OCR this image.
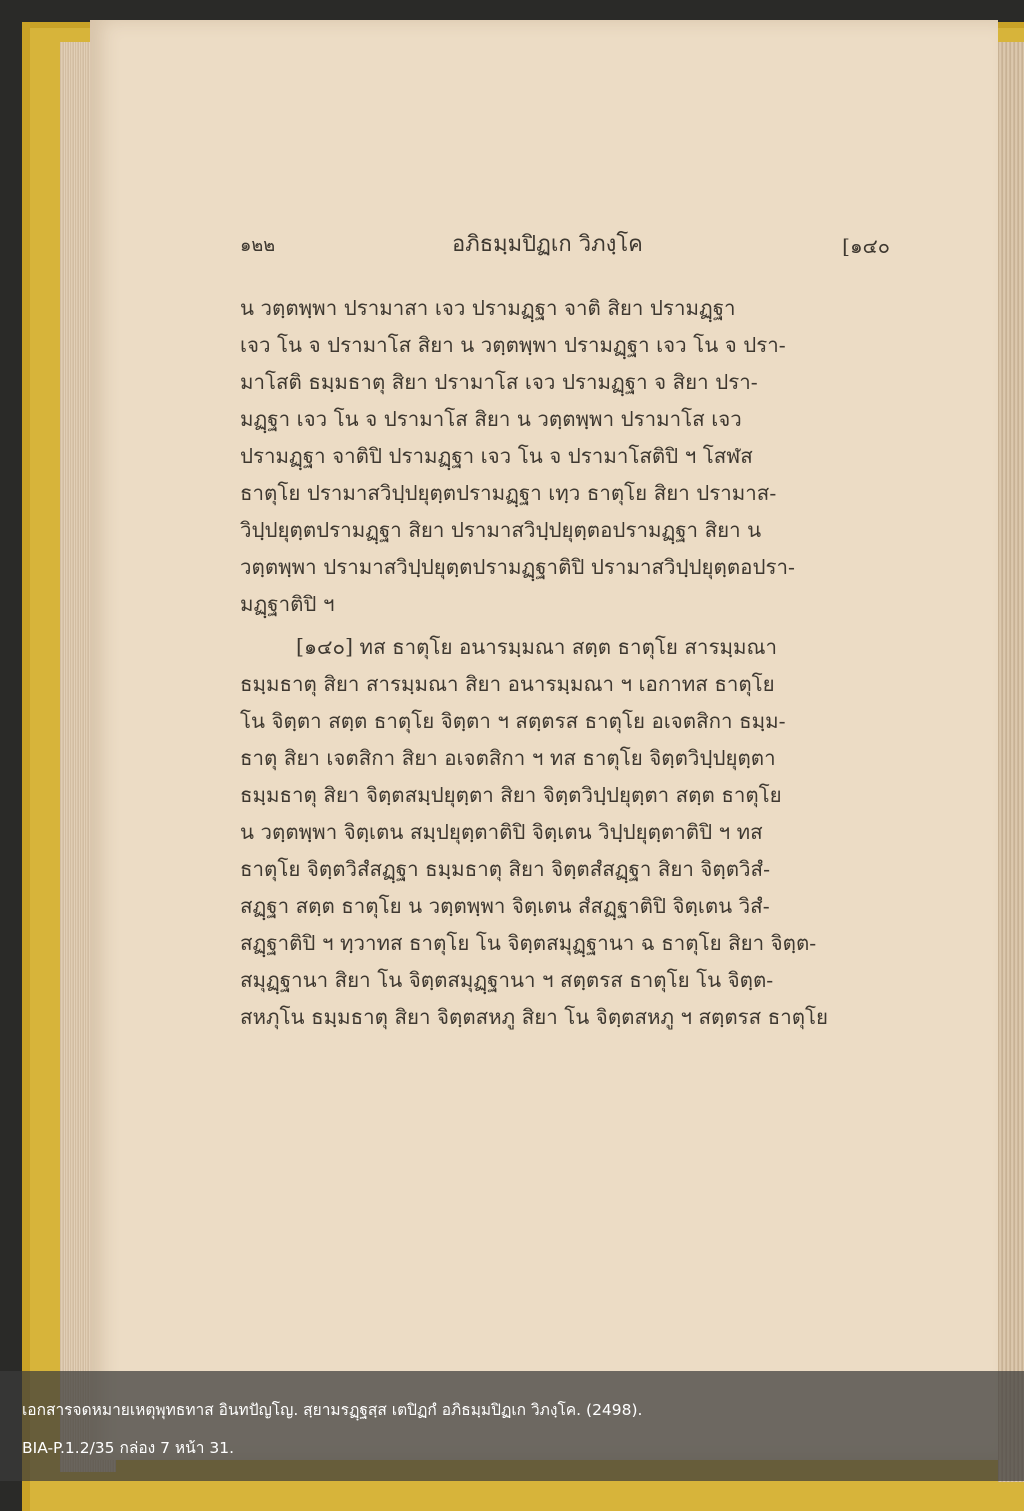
๑๒๒	อภิธมฺมปิฏเก วิภงฺโค	[๑๔๐
น วตฺตพฺพา ปรามาสา เจว ปรามฏฺฐา จาติ สิยา ปรามฏฺฐา
เจว โน จ ปรามาโส สิยา น วตฺตพฺพา ปรามฏฺฐา เจว โน จ ปรา-
มาโสติ ธมฺมธาตุ สิยา ปรามาโส เจว ปรามฏฺฐา จ สิยา ปรา-
มฏฺฐา เจว โน จ ปรามาโส สิยา น วตฺตพฺพา ปรามาโส เจว
ปรามฏฺฐา จาติปิ ปรามฏฺฐา เจว โน จ ปรามาโสติปิ ฯ โสฬส
ธาตุโย ปรามาสวิปฺปยุตฺตปรามฏฺฐา เทฺว ธาตุโย สิยา ปรามาส-
วิปฺปยุตฺตปรามฏฺฐา สิยา ปรามาสวิปฺปยุตฺตอปรามฏฺฐา สิยา น
วตฺตพฺพา ปรามาสวิปฺปยุตฺตปรามฏฺฐาติปิ ปรามาสวิปฺปยุตฺตอปรา-
มฏฺฐาติปิ ฯ
[๑๔๐] ทส ธาตุโย อนารมฺมณา สตฺต ธาตุโย สารมฺมณา
ธมฺมธาตุ สิยา สารมฺมณา สิยา อนารมฺมณา ฯ เอกาทส ธาตุโย
โน จิตฺตา สตฺต ธาตุโย จิตฺตา ฯ สตฺตรส ธาตุโย อเจตสิกา ธมฺม-
ธาตุ สิยา เจตสิกา สิยา อเจตสิกา ฯ ทส ธาตุโย จิตฺตวิปฺปยุตฺตา
ธมฺมธาตุ สิยา จิตฺตสมฺปยุตฺตา สิยา จิตฺตวิปฺปยุตฺตา สตฺต ธาตุโย
น วตฺตพฺพา จิตฺเตน สมฺปยุตฺตาติปิ จิตฺเตน วิปฺปยุตฺตาติปิ ฯ ทส
ธาตุโย จิตฺตวิสํสฏฺฐา ธมฺมธาตุ สิยา จิตฺตสํสฏฺฐา สิยา จิตฺตวิสํ-
สฏฺฐา สตฺต ธาตุโย น วตฺตพฺพา จิตฺเตน สํสฏฺฐาติปิ จิตฺเตน วิสํ-
สฏฺฐาติปิ ฯ ทฺวาทส ธาตุโย โน จิตฺตสมุฏฺฐานา ฉ ธาตุโย สิยา จิตฺต-
สมุฏฺฐานา สิยา โน จิตฺตสมุฏฺฐานา ฯ สตฺตรส ธาตุโย โน จิตฺต-
สหภุโน ธมฺมธาตุ สิยา จิตฺตสหภู สิยา โน จิตฺตสหภู ฯ สตฺตรส ธาตุโย
เอกสารจดหมายเหตุพุทธทาส อินทปัญโญ. สฺยามรฏฺฐสฺส เตปิฏกํ อภิธมฺมปิฏเก วิภงฺโค. (2498).
BIA-P.1.2/35 กล่อง 7 หน้า 31.
